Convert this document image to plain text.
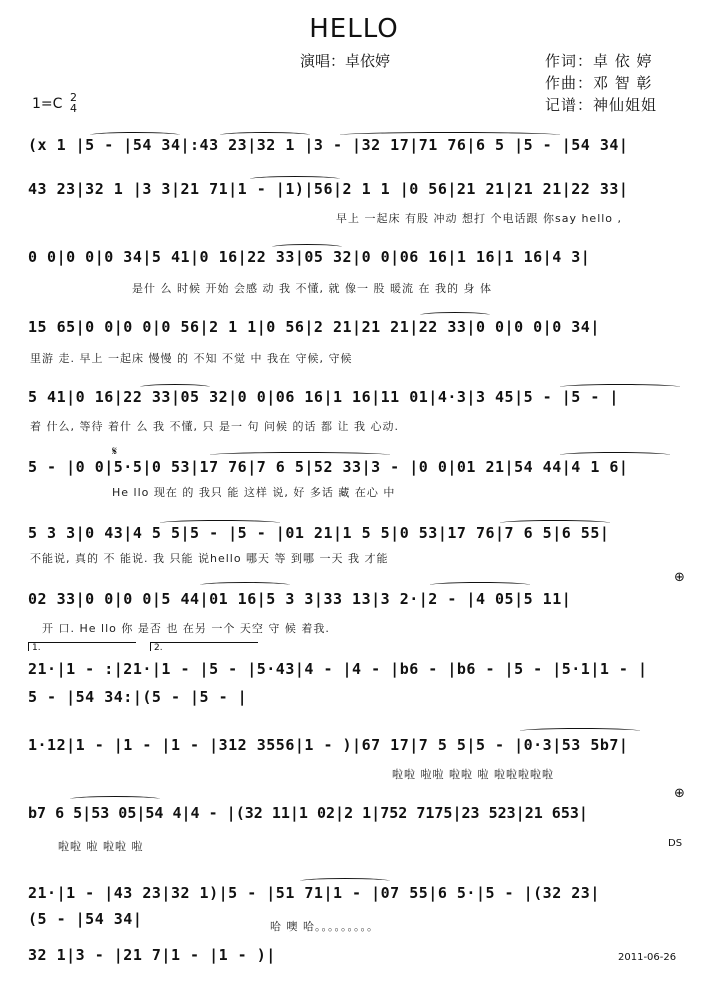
HELLO
演唱：卓依婷	作词：卓 依 婷
作曲：邓 智 彰
记谱：神仙姐姐
1=C 2
4
(x 1 |5 - |54 34|:43 23|32 1 |3 - |32 17|71 76|6 5 |5 - |54 34|
43 23|32 1 |3 3|21 71|1 - |1)|56|2 1 1 |0 56|21 21|21 21|22 33|
早上 一起床 有股 冲动 想打 个电话跟 你say hello ,
0 0|0 0|0 34|5 41|0 16|22 33|05 32|0 0|06 16|1 16|1 16|4 3|
是什 么 时候 开始 会感 动 我 不懂, 就 像一 股 暖流 在 我的 身 体
15 65|0 0|0 0|0 56|2 1 1|0 56|2 21|21 21|22 33|0 0|0 0|0 34|
里游 走. 早上 一起床 慢慢 的 不知 不觉 中 我在 守候, 守候
5 41|0 16|22 33|05 32|0 0|06 16|1 16|11 01|4·3|3 45|5 - |5 - |
着 什么, 等待 着什 么 我 不懂, 只 是一 句 问候 的话 都 让 我 心动.
𝄋
5 - |0 0|5·5|0 53|17 76|7 6 5|52 33|3 - |0 0|01 21|54 44|4 1 6|
He llo 现在 的 我只 能 这样 说, 好 多话 藏 在心 中
5 3 3|0 43|4 5 5|5 - |5 - |01 21|1 5 5|0 53|17 76|7 6 5|6 55|
不能说, 真的 不 能说. 我 只能 说hello 哪天 等 到哪 一天 我 才能
⊕
02 33|0 0|0 0|5 44|01 16|5 3 3|33 13|3 2·|2 - |4 05|5 11|
开 口. He llo 你 是否 也 在另 一个 天空 守 候 着我.
1.	2.
21·|1 - :|21·|1 - |5 - |5·43|4 - |4 - |b6 - |b6 - |5 - |5·1|1 - |
5 - |54 34:|(5 - |5 - |
1·12|1 - |1 - |1 - |312 3556|1 - )|67 17|7 5 5|5 - |0·3|53 5b7|
啦啦 啦啦 啦啦 啦 啦啦啦啦啦
⊕
b7 6 5|53 05|54 4|4 - |(32 11|1 02|2 1|752 7175|23 523|21 653|
啦啦 啦 啦啦 啦	DS
21·|1 - |43 23|32 1)|5 - |51 71|1 - |07 55|6 5·|5 - |(32 23|
(5 - |54 34|	哈 噢 哈。。。。。。。。。
32 1|3 - |21 7|1 - |1 - )|	2011-06-26
